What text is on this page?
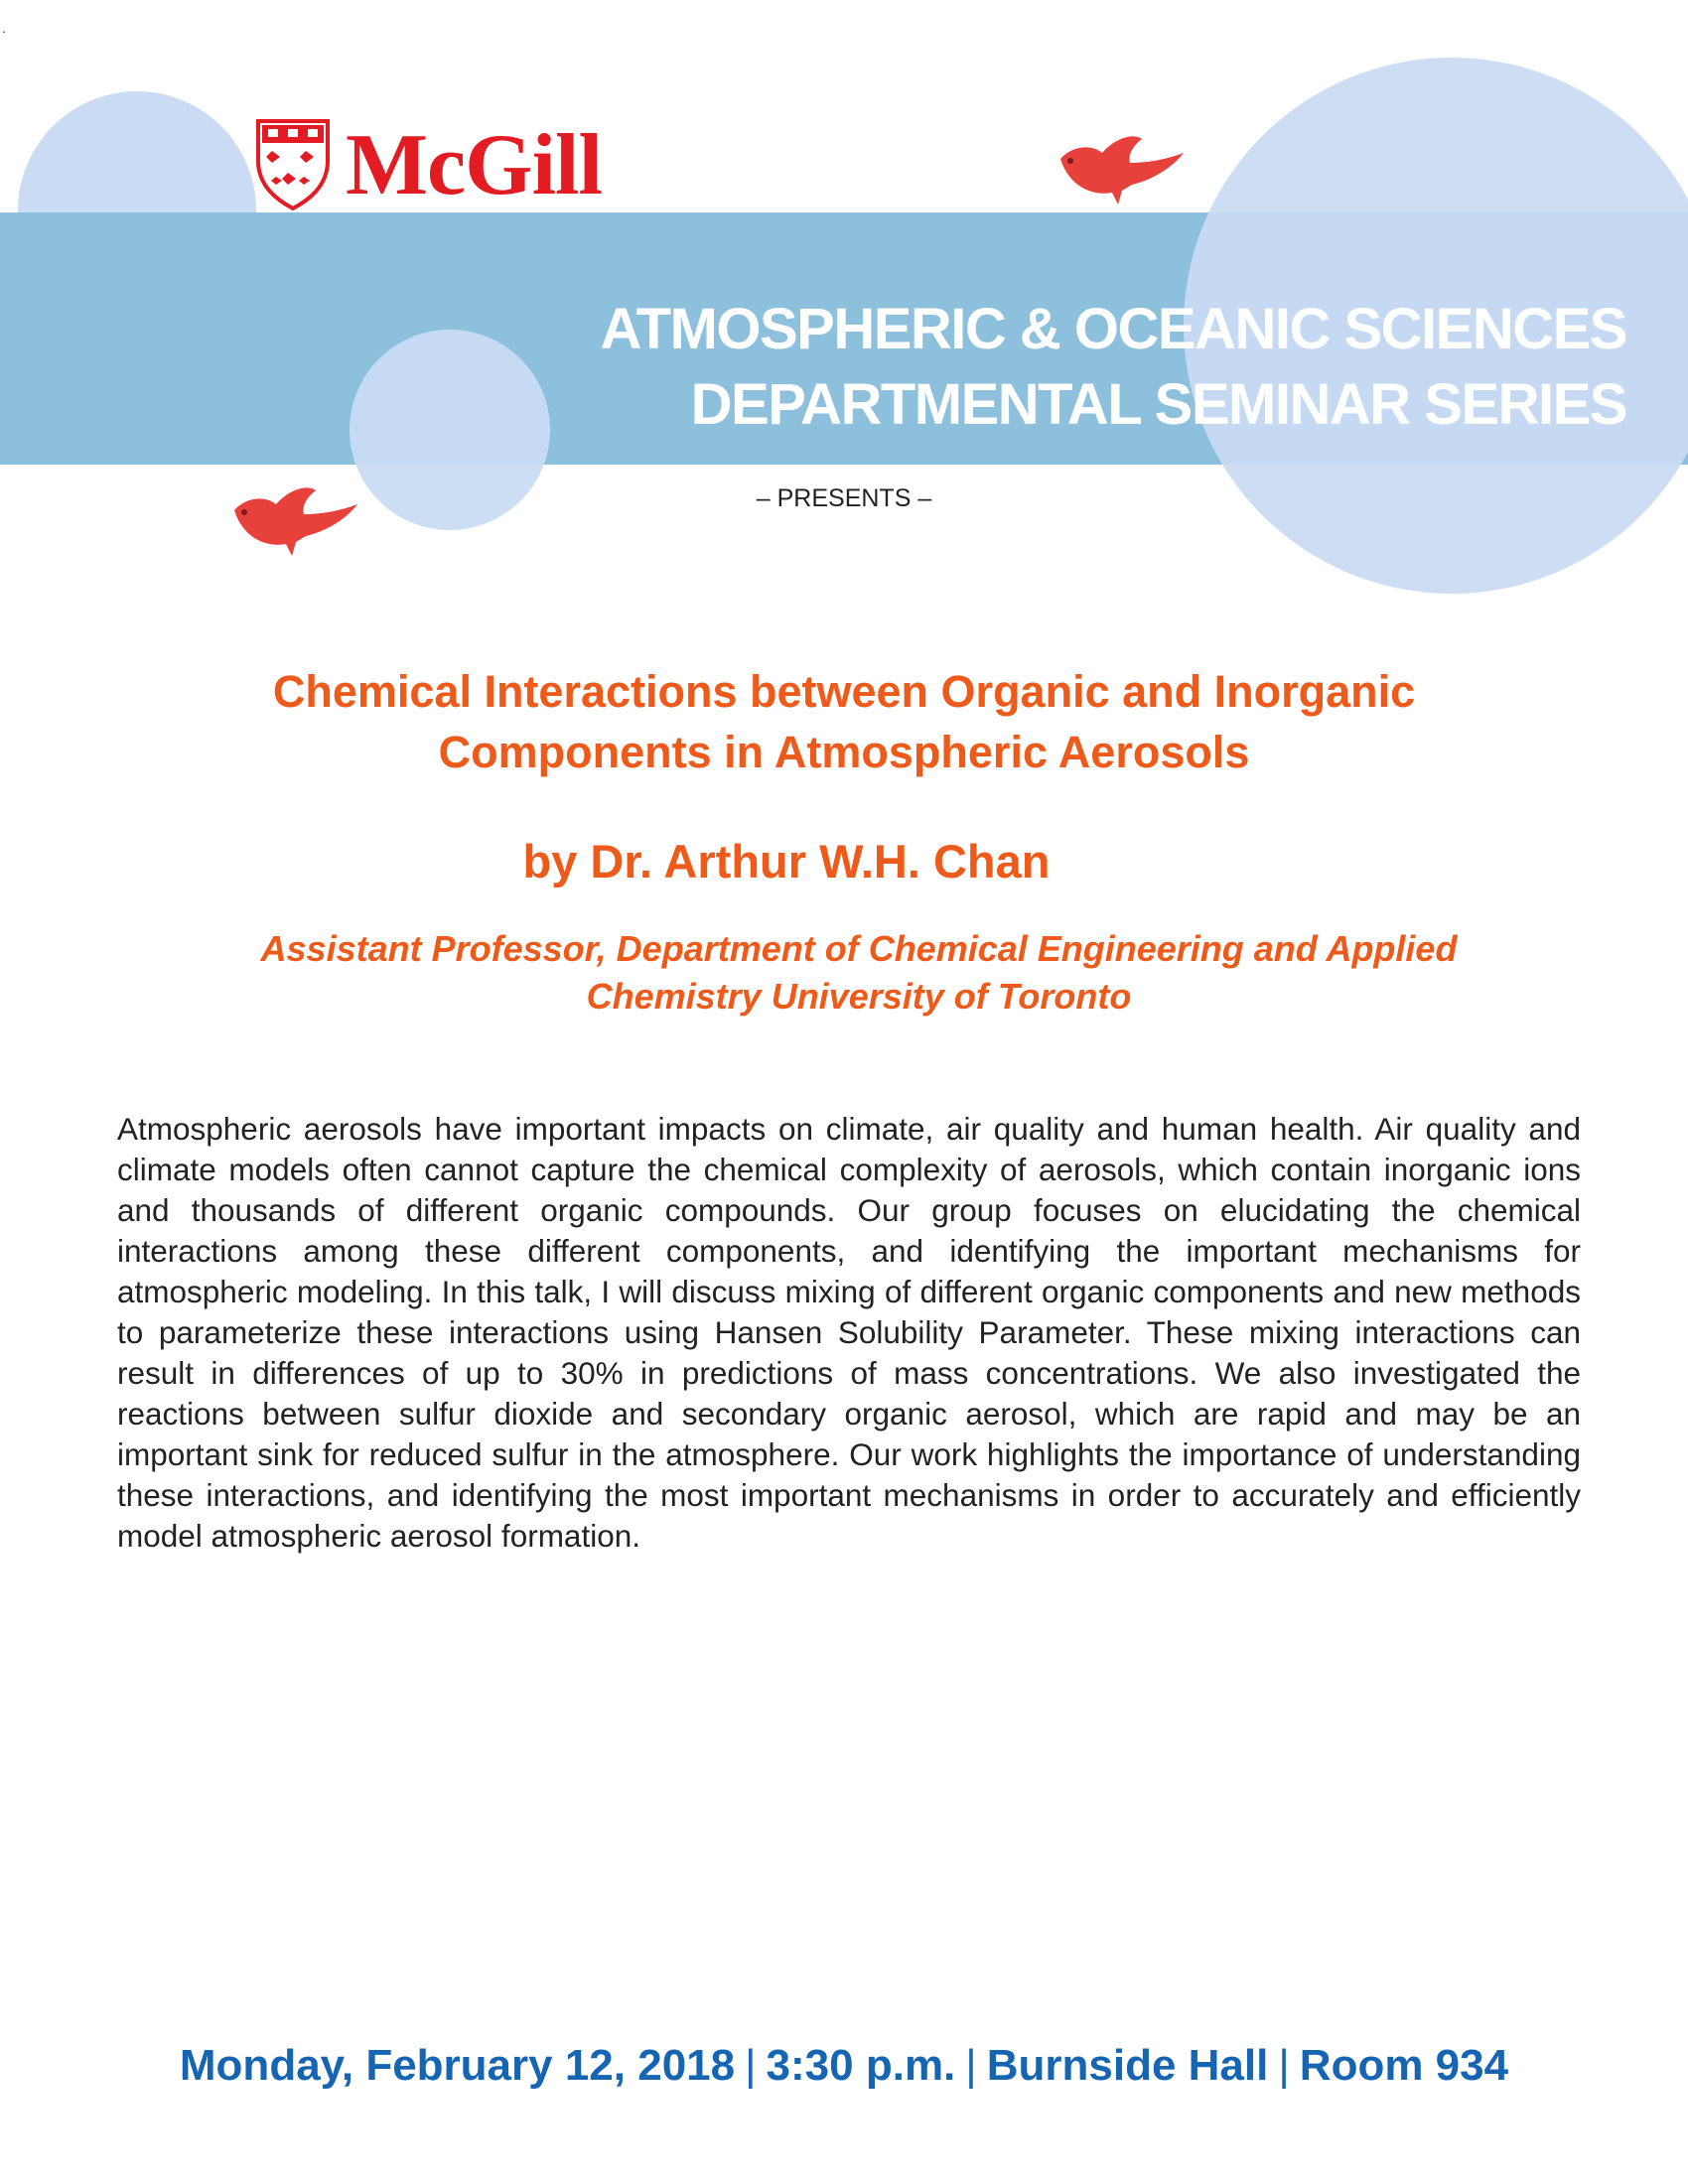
.
McGill
ATMOSPHERIC & OCEANIC SCIENCES
DEPARTMENTAL SEMINAR SERIES
– PRESENTS –
Chemical Interactions between Organic and Inorganic
Components in Atmospheric Aerosols
by Dr. Arthur W.H. Chan
Assistant Professor, Department of Chemical Engineering and Applied
Chemistry University of Toronto
Atmospheric aerosols have important impacts on climate, air quality and human health. Air quality and climate models often cannot capture the chemical complexity of aerosols, which contain inorganic ions and thousands of different organic compounds. Our group focuses on elucidating the chemical interactions among these different components, and identifying the important mechanisms for atmospheric modeling. In this talk, I will discuss mixing of different organic components and new methods to parameterize these interactions using Hansen Solubility Parameter. These mixing interactions can result in differences of up to 30% in predictions of mass concentrations. We also investigated the reactions between sulfur dioxide and secondary organic aerosol, which are rapid and may be an important sink for reduced sulfur in the atmosphere. Our work highlights the importance of understanding these interactions, and identifying the most important mechanisms in order to accurately and efficiently model atmospheric aerosol formation.
Monday, February 12, 2018 | 3:30 p.m. | Burnside Hall | Room 934
